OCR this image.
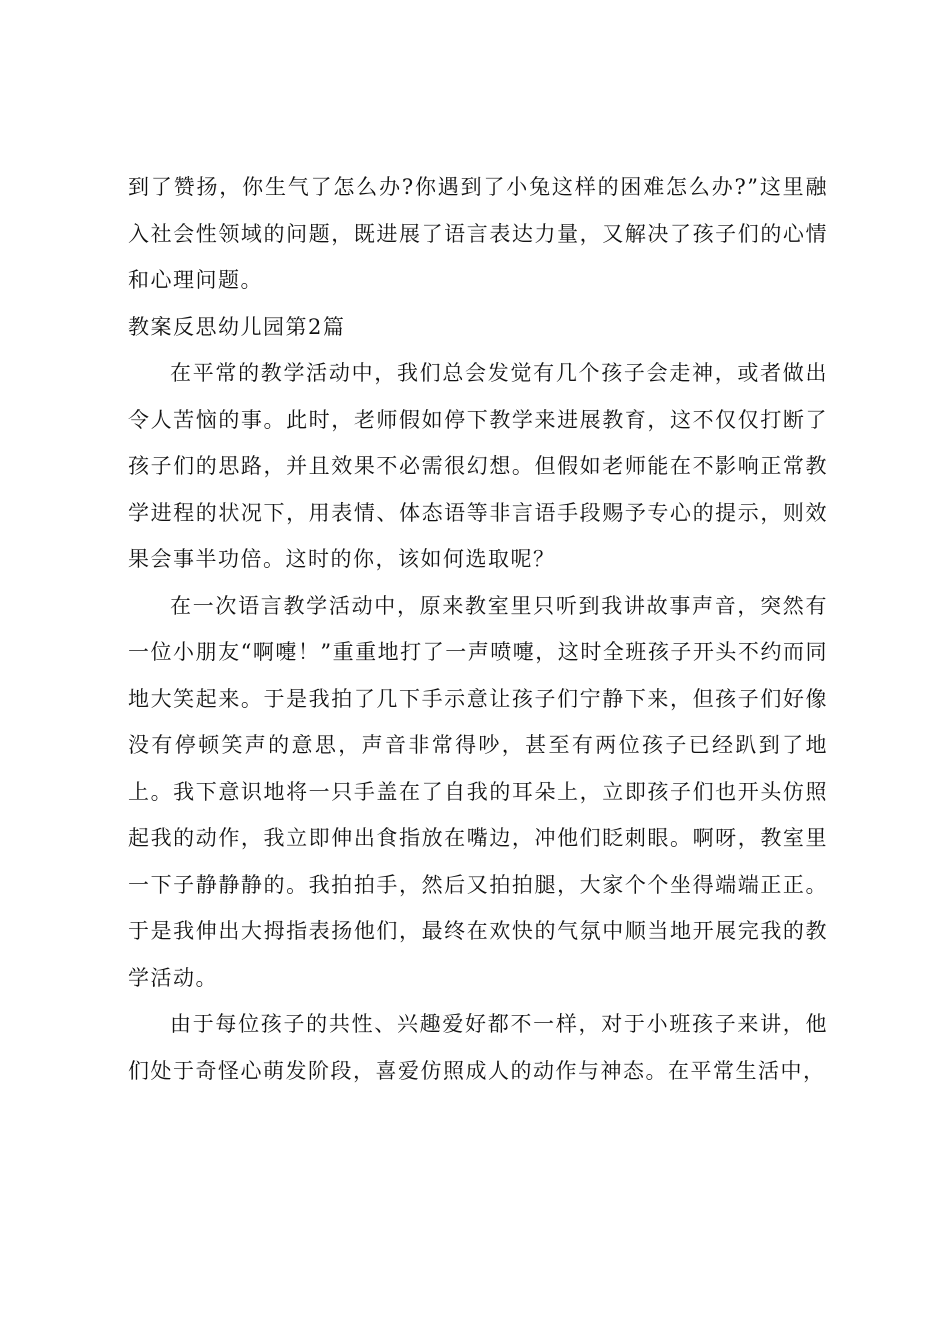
到了赞扬，你生气了怎么办?你遇到了小兔这样的困难怎么办?”这里融入社会性领域的问题，既进展了语言表达力量，又解决了孩子们的心情和心理问题。

教案反思幼儿园第2篇

在平常的教学活动中，我们总会发觉有几个孩子会走神，或者做出令人苦恼的事。此时，老师假如停下教学来进展教育，这不仅仅打断了孩子们的思路，并且效果不必需很幻想。但假如老师能在不影响正常教学进程的状况下，用表情、体态语等非言语手段赐予专心的提示，则效果会事半功倍。这时的你，该如何选取呢？

在一次语言教学活动中，原来教室里只听到我讲故事声音，突然有一位小朋友“啊嚏！”重重地打了一声喷嚏，这时全班孩子开头不约而同地大笑起来。于是我拍了几下手示意让孩子们宁静下来，但孩子们好像没有停顿笑声的意思，声音非常得吵，甚至有两位孩子已经趴到了地上。我下意识地将一只手盖在了自我的耳朵上，立即孩子们也开头仿照起我的动作，我立即伸出食指放在嘴边，冲他们眨刺眼。啊呀，教室里一下子静静静的。我拍拍手，然后又拍拍腿，大家个个坐得端端正正。于是我伸出大拇指表扬他们，最终在欢快的气氛中顺当地开展完我的教学活动。

由于每位孩子的共性、兴趣爱好都不一样，对于小班孩子来讲，他们处于奇怪心萌发阶段，喜爱仿照成人的动作与神态。在平常生活中，
